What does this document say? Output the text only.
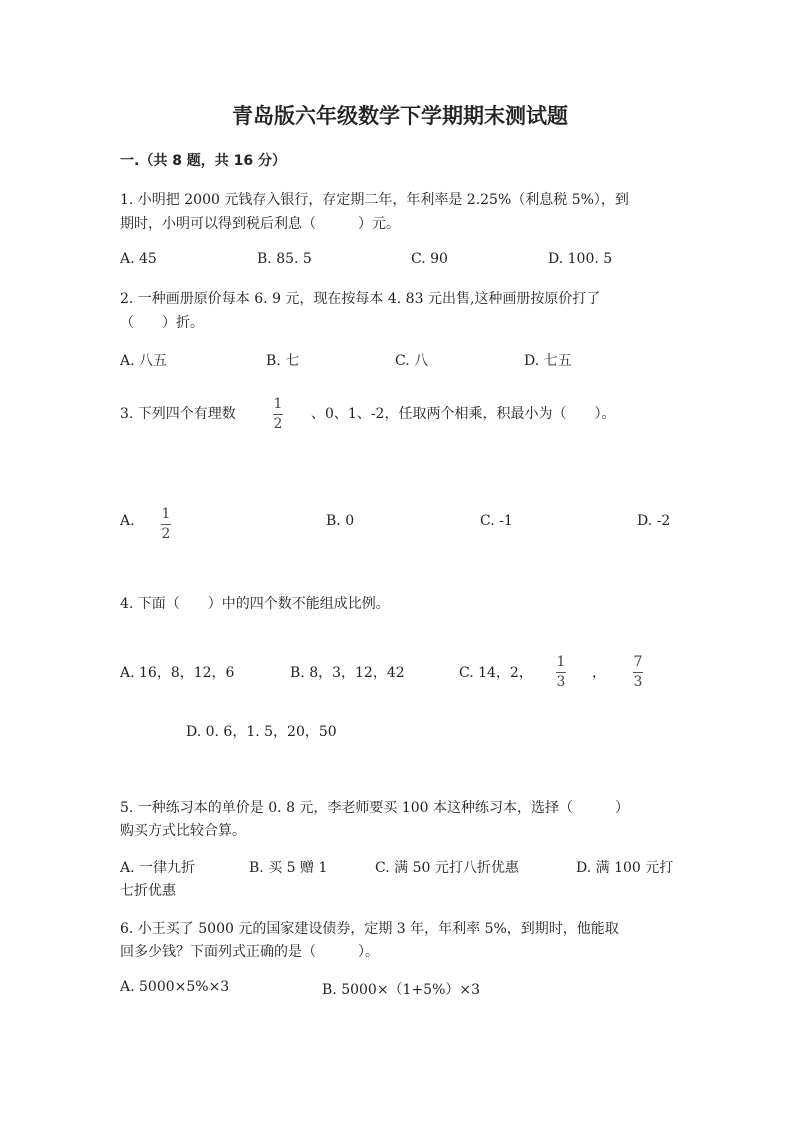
青岛版六年级数学下学期期末测试题
一.（共 8 题，共 16 分）
1. 小明把 2000 元钱存入银行，存定期二年，年利率是 2.25%（利息税 5%），到
期时，小明可以得到税后利息（　　　）元。
A. 45	B. 85. 5	C. 90	D. 100. 5
2. 一种画册原价每本 6. 9 元，现在按每本 4. 83 元出售,这种画册按原价打了
（　　）折。
A. 八五	B. 七	C. 八	D. 七五
3. 下列四个有理数
1
2
、0、1、-2，任取两个相乘，积最小为（　　）。
A. 1
2
B. 0	C. -1	D. -2
4. 下面（　　）中的四个数不能组成比例。
A. 16，8，12，6	B. 8，3，12，42	C. 14，2，
1
3
，
7
3
D. 0. 6，1. 5，20，50
5. 一种练习本的单价是 0. 8 元，李老师要买 100 本这种练习本，选择（　　　）
购买方式比较合算。
A. 一律九折	B. 买 5 赠 1	C. 满 50 元打八折优惠	D. 满 100 元打
七折优惠
6. 小王买了 5000 元的国家建设债券，定期 3 年，年利率 5%，到期时，他能取
回多少钱？下面列式正确的是（　　　）。
A. 5000×5%×3	B. 5000×（1+5%）×3
